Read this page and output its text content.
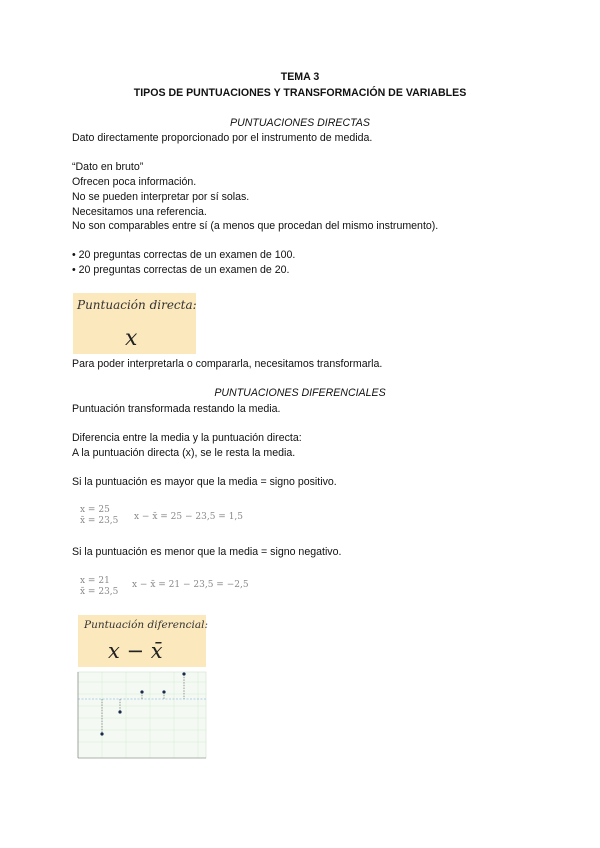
TEMA 3
TIPOS DE PUNTUACIONES Y TRANSFORMACIÓN DE VARIABLES
PUNTUACIONES DIRECTAS
Dato directamente proporcionado por el instrumento de medida.
“Dato en bruto”
Ofrecen poca información.
No se pueden interpretar por sí solas.
Necesitamos una referencia.
No son comparables entre sí (a menos que procedan del mismo instrumento).
• 20 preguntas correctas de un examen de 100.
• 20 preguntas correctas de un examen de 20.
Puntuación directa:
x
Para poder interpretarla o compararla, necesitamos transformarla.
PUNTUACIONES DIFERENCIALES
Puntuación transformada restando la media.
Diferencia entre la media y la puntuación directa:
A la puntuación directa (x), se le resta la media.
Si la puntuación es mayor que la media = signo positivo.
x = 25
x̄ = 23,5 x − x̄ = 25 − 23,5 = 1,5
Si la puntuación es menor que la media = signo negativo.
x = 21
x̄ = 23,5
x − x̄ = 21 − 23,5 = −2,5
Puntuación diferencial:
x − x̄
